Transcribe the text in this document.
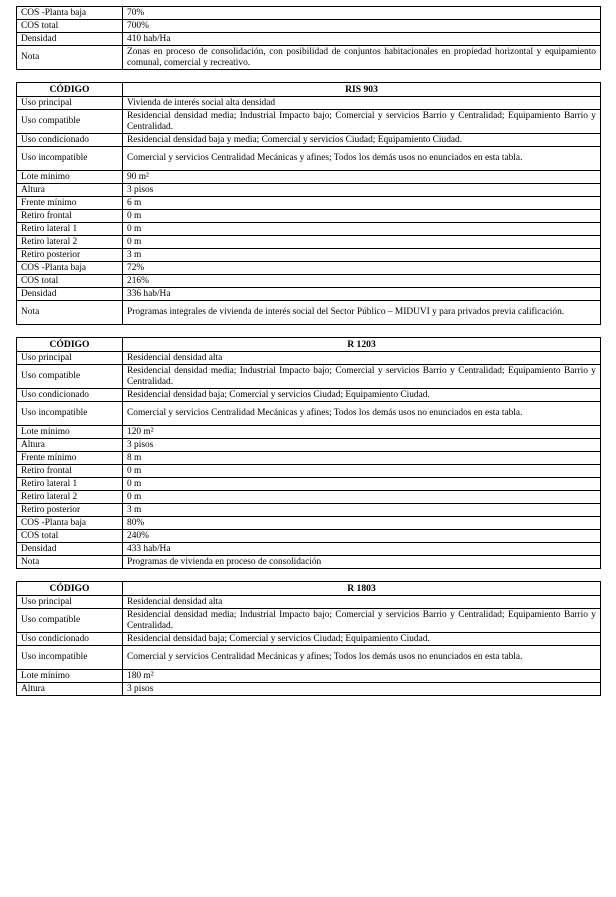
COS -Planta baja	70%
COS total	700%
Densidad	410 hab/Ha
Nota	Zonas en proceso de consolidación, con posibilidad de conjuntos habitacionales en propiedad horizontal y equipamiento comunal, comercial y recreativo.
CÓDIGO	RIS 903
Uso principal	Vivienda de interés social alta densidad
Uso compatible	Residencial densidad media; Industrial Impacto bajo; Comercial y servicios Barrio y Centralidad; Equipamiento Barrio y Centralidad.
Uso condicionado	Residencial densidad baja y media; Comercial y servicios Ciudad; Equipamiento Ciudad.
Uso incompatible	Comercial y servicios Centralidad Mecánicas y afines; Todos los demás usos no enunciados en esta tabla.
Lote mínimo	90 m²
Altura	3 pisos
Frente mínimo	6 m
Retiro frontal	0 m
Retiro lateral 1	0 m
Retiro lateral 2	0 m
Retiro posterior	3 m
COS -Planta baja	72%
COS total	216%
Densidad	336 hab/Ha
Nota	Programas integrales de vivienda de interés social del Sector Público – MIDUVI y para privados previa calificación.
CÓDIGO	R 1203
Uso principal	Residencial densidad alta
Uso compatible	Residencial densidad media; Industrial Impacto bajo; Comercial y servicios Barrio y Centralidad; Equipamiento Barrio y Centralidad.
Uso condicionado	Residencial densidad baja; Comercial y servicios Ciudad; Equipamiento Ciudad.
Uso incompatible	Comercial y servicios Centralidad Mecánicas y afines; Todos los demás usos no enunciados en esta tabla.
Lote mínimo	120 m²
Altura	3 pisos
Frente mínimo	8 m
Retiro frontal	0 m
Retiro lateral 1	0 m
Retiro lateral 2	0 m
Retiro posterior	3 m
COS -Planta baja	80%
COS total	240%
Densidad	433 hab/Ha
Nota	Programas de vivienda en proceso de consolidación
CÓDIGO	R 1803
Uso principal	Residencial densidad alta
Uso compatible	Residencial densidad media; Industrial Impacto bajo; Comercial y servicios Barrio y Centralidad; Equipamiento Barrio y Centralidad.
Uso condicionado	Residencial densidad baja; Comercial y servicios Ciudad; Equipamiento Ciudad.
Uso incompatible	Comercial y servicios Centralidad Mecánicas y afines; Todos los demás usos no enunciados en esta tabla.
Lote mínimo	180 m²
Altura	3 pisos
